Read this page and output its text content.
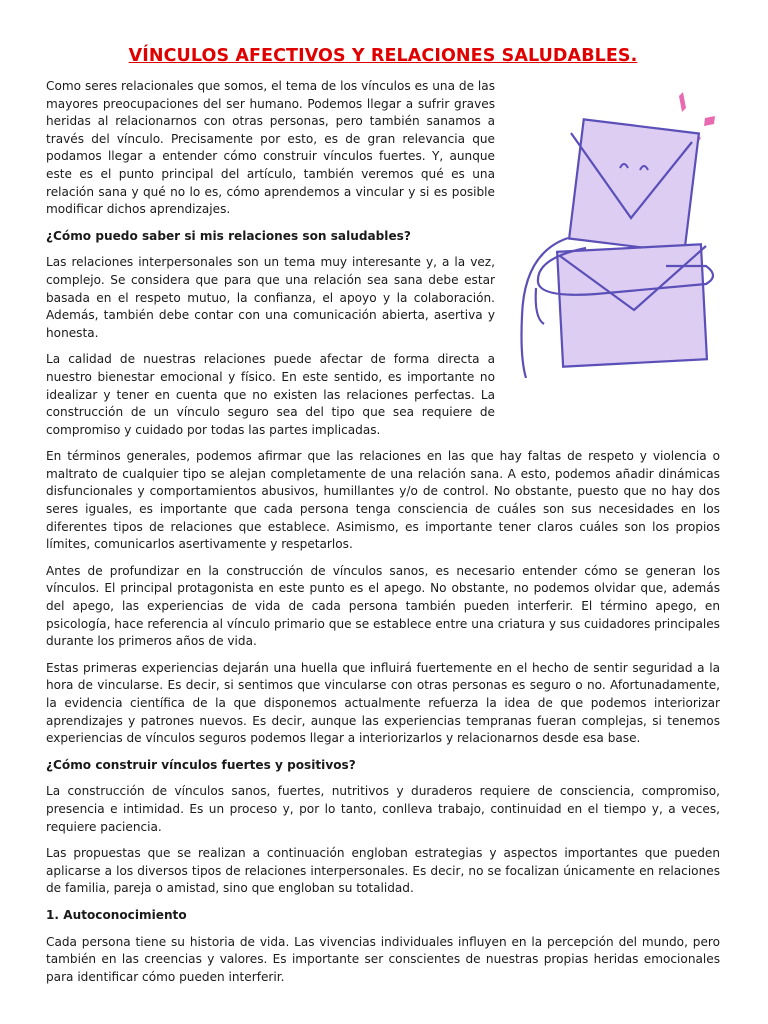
VÍNCULOS AFECTIVOS Y RELACIONES SALUDABLES.

Como seres relacionales que somos, el tema de los vínculos es una de las mayores preocupaciones del ser humano. Podemos llegar a sufrir graves heridas al relacionarnos con otras personas, pero también sanamos a través del vínculo. Precisamente por esto, es de gran relevancia que podamos llegar a entender cómo construir vínculos fuertes. Y, aunque este es el punto principal del artículo, también veremos qué es una relación sana y qué no lo es, cómo aprendemos a vincular y si es posible modificar dichos aprendizajes.

¿Cómo puedo saber si mis relaciones son saludables?

Las relaciones interpersonales son un tema muy interesante y, a la vez, complejo. Se considera que para que una relación sea sana debe estar basada en el respeto mutuo, la confianza, el apoyo y la colaboración. Además, también debe contar con una comunicación abierta, asertiva y honesta.

La calidad de nuestras relaciones puede afectar de forma directa a nuestro bienestar emocional y físico. En este sentido, es importante no idealizar y tener en cuenta que no existen las relaciones perfectas. La construcción de un vínculo seguro sea del tipo que sea requiere de compromiso y cuidado por todas las partes implicadas.

En términos generales, podemos afirmar que las relaciones en las que hay faltas de respeto y violencia o maltrato de cualquier tipo se alejan completamente de una relación sana. A esto, podemos añadir dinámicas disfuncionales y comportamientos abusivos, humillantes y/o de control. No obstante, puesto que no hay dos seres iguales, es importante que cada persona tenga consciencia de cuáles son sus necesidades en los diferentes tipos de relaciones que establece. Asimismo, es importante tener claros cuáles son los propios límites, comunicarlos asertivamente y respetarlos.

Antes de profundizar en la construcción de vínculos sanos, es necesario entender cómo se generan los vínculos. El principal protagonista en este punto es el apego. No obstante, no podemos olvidar que, además del apego, las experiencias de vida de cada persona también pueden interferir. El término apego, en psicología, hace referencia al vínculo primario que se establece entre una criatura y sus cuidadores principales durante los primeros años de vida.

Estas primeras experiencias dejarán una huella que influirá fuertemente en el hecho de sentir seguridad a la hora de vincularse. Es decir, si sentimos que vincularse con otras personas es seguro o no. Afortunadamente, la evidencia científica de la que disponemos actualmente refuerza la idea de que podemos interiorizar aprendizajes y patrones nuevos. Es decir, aunque las experiencias tempranas fueran complejas, si tenemos experiencias de vínculos seguros podemos llegar a interiorizarlos y relacionarnos desde esa base.

¿Cómo construir vínculos fuertes y positivos?

La construcción de vínculos sanos, fuertes, nutritivos y duraderos requiere de consciencia, compromiso, presencia e intimidad. Es un proceso y, por lo tanto, conlleva trabajo, continuidad en el tiempo y, a veces, requiere paciencia.

Las propuestas que se realizan a continuación engloban estrategias y aspectos importantes que pueden aplicarse a los diversos tipos de relaciones interpersonales. Es decir, no se focalizan únicamente en relaciones de familia, pareja o amistad, sino que engloban su totalidad.

1. Autoconocimiento

Cada persona tiene su historia de vida. Las vivencias individuales influyen en la percepción del mundo, pero también en las creencias y valores. Es importante ser conscientes de nuestras propias heridas emocionales para identificar cómo pueden interferir.
